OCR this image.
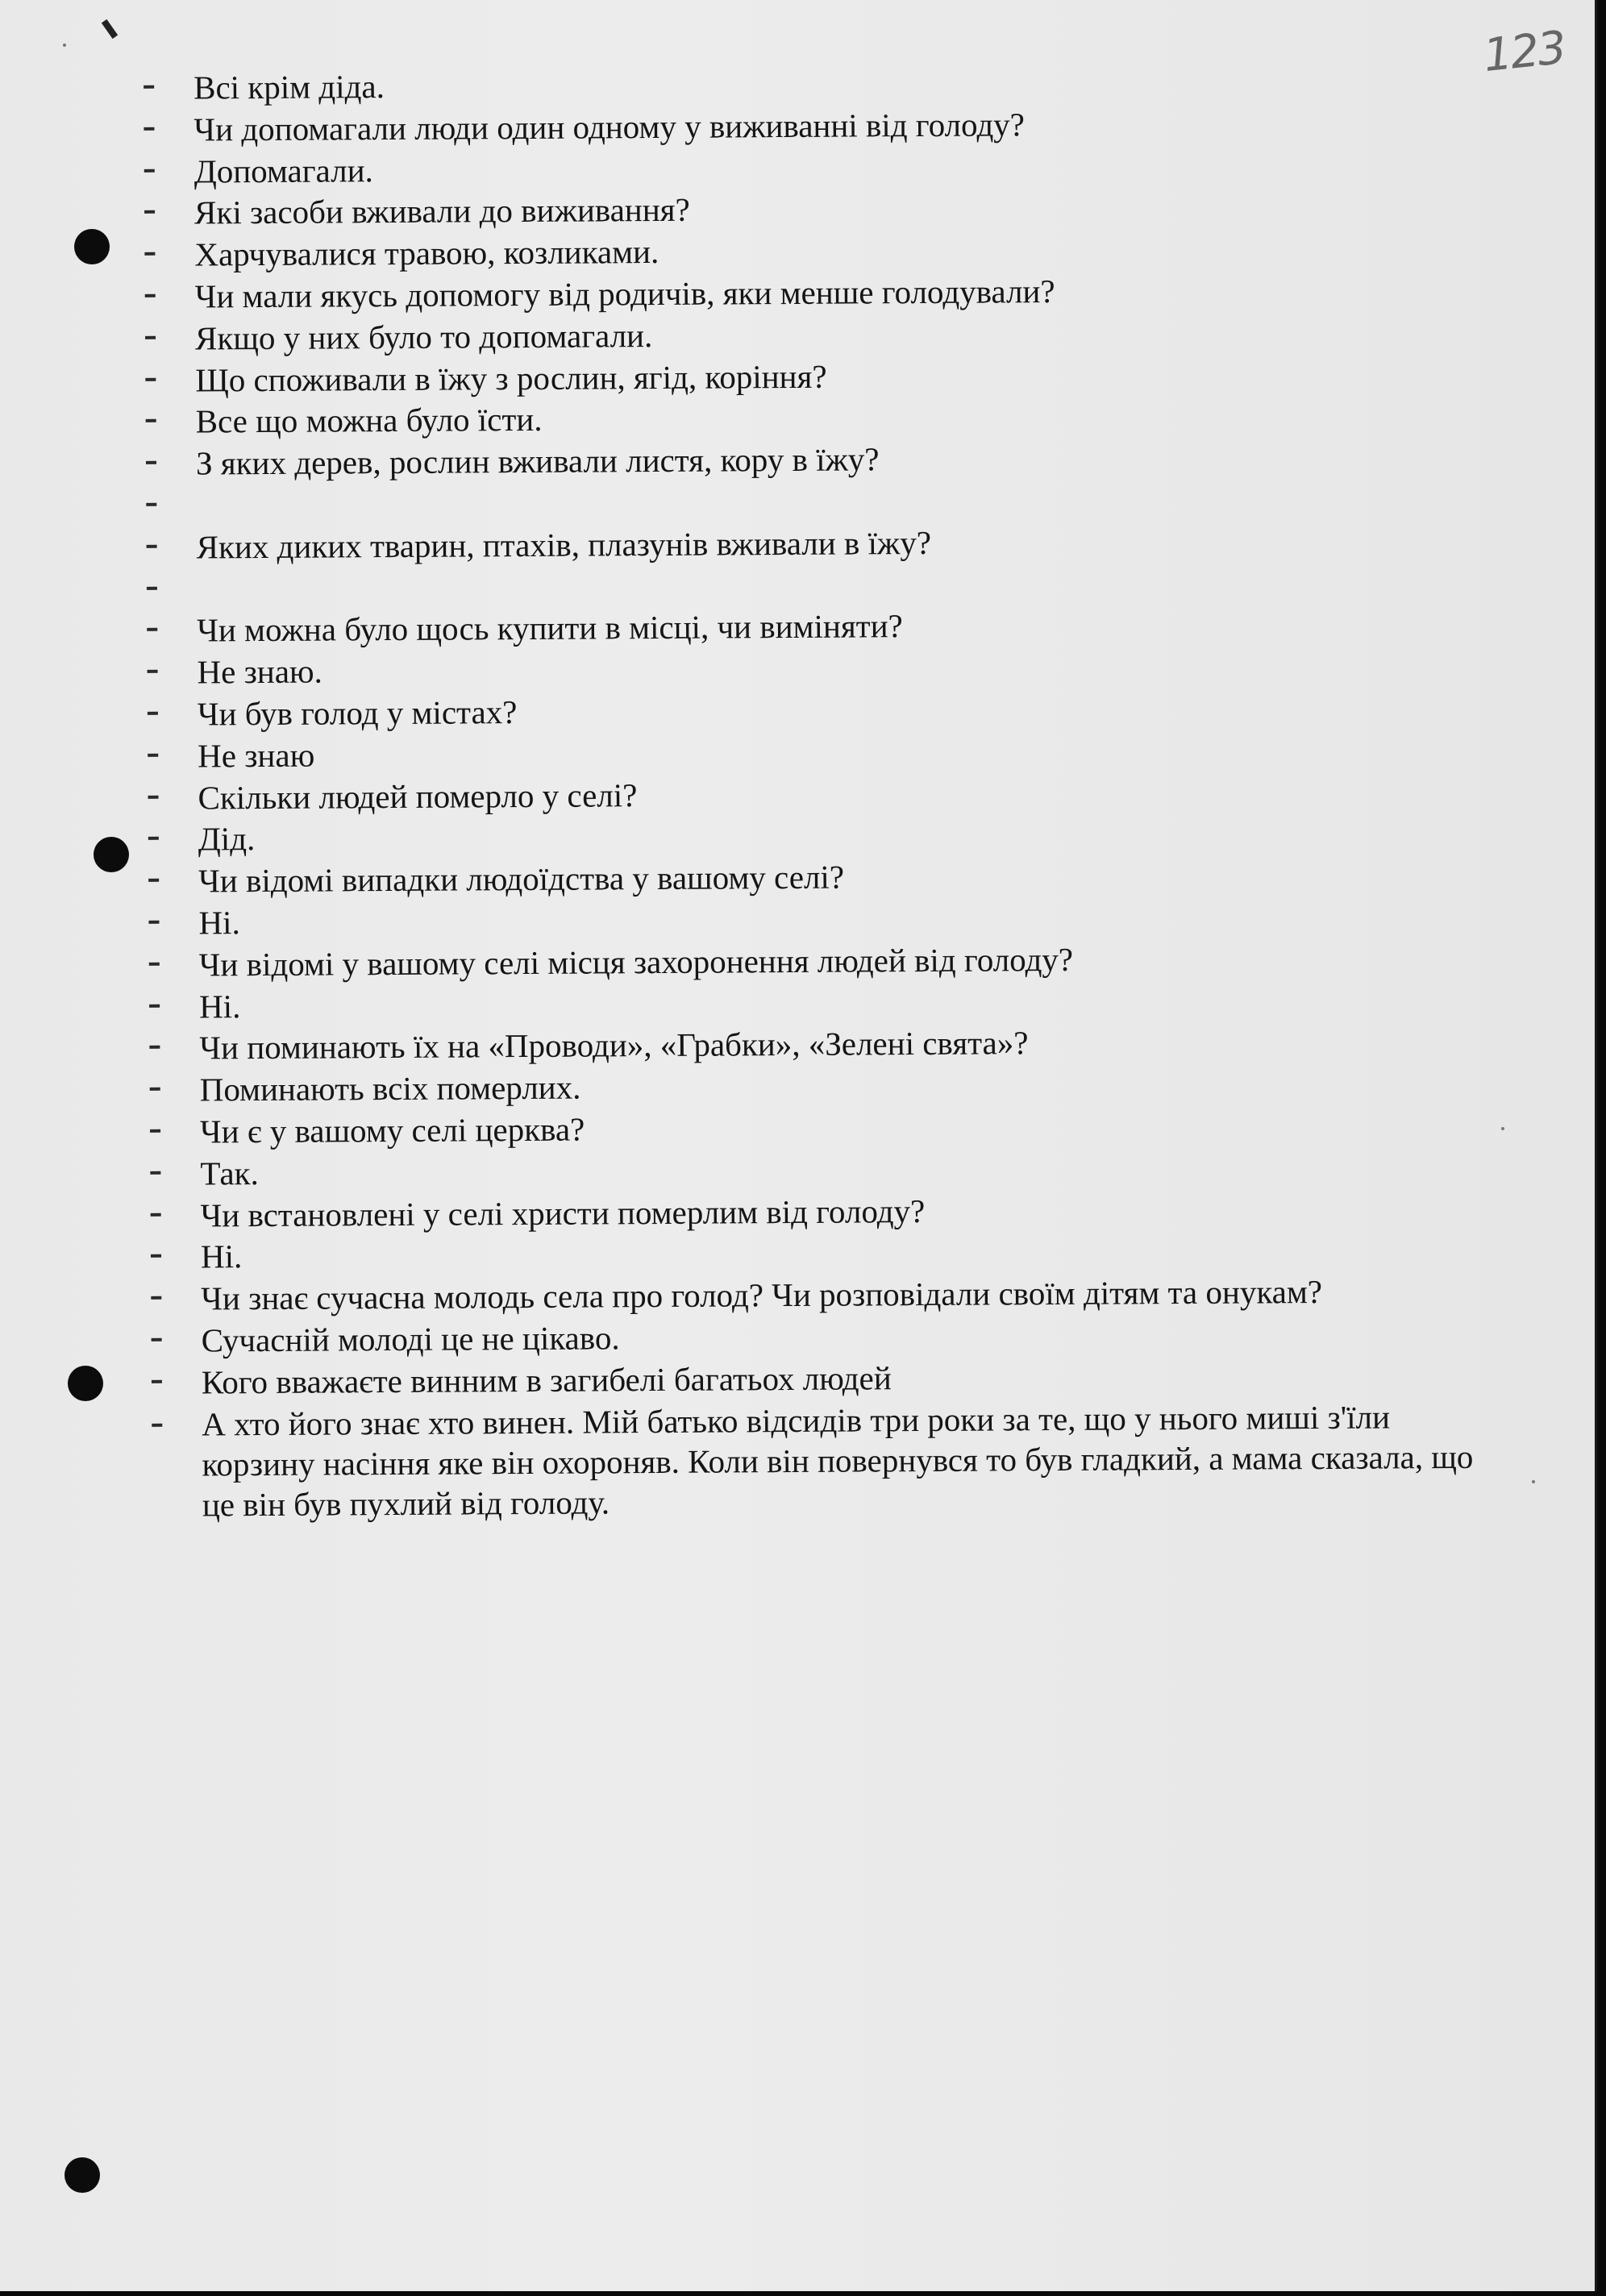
123
Всі крім діда.
Чи допомагали люди один одному у виживанні від голоду?
Допомагали.
Які засоби вживали до виживання?
Харчувалися травою, козликами.
Чи мали якусь допомогу від родичів, яки менше голодували?
Якщо у них було то допомагали.
Що споживали в їжу з рослин, ягід, коріння?
Все що можна було їсти.
З яких дерев, рослин вживали листя, кору в їжу?
Яких диких тварин, птахів, плазунів вживали в їжу?
Чи можна було щось купити в місці, чи виміняти?
Не знаю.
Чи був голод у містах?
Не знаю
Скільки людей померло у селі?
Дід.
Чи відомі випадки людоїдства у вашому селі?
Ні.
Чи відомі у вашому селі місця захоронення людей від голоду?
Ні.
Чи поминають їх на «Проводи», «Грабки», «Зелені свята»?
Поминають всіх померлих.
Чи є у вашому селі церква?
Так.
Чи встановлені у селі христи померлим від голоду?
Ні.
Чи знає сучасна молодь села про голод? Чи розповідали своїм дітям та онукам?
Сучасній молоді це не цікаво.
Кого вважаєте винним в загибелі багатьох людей
А хто його знає хто винен. Мій батько відсидів три роки за те, що у нього миші з'їли корзину насіння яке він охороняв. Коли він повернувся то був гладкий, а мама сказала, що це він був пухлий від голоду.
